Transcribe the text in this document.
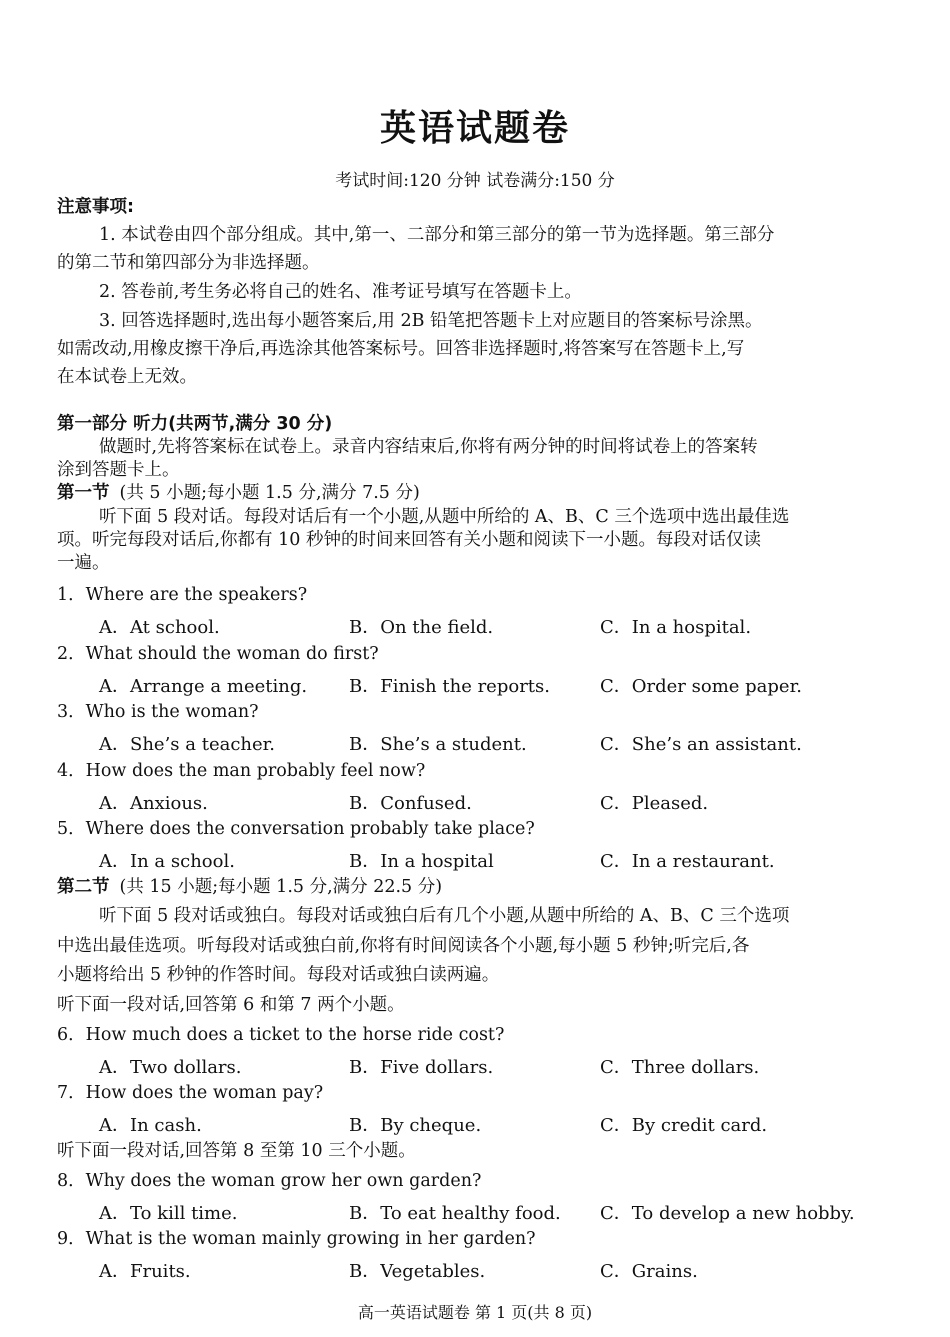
英语试题卷
考试时间:120 分钟 试卷满分:150 分
注意事项:
1. 本试卷由四个部分组成。其中,第一、二部分和第三部分的第一节为选择题。第三部分
的第二节和第四部分为非选择题。
2. 答卷前,考生务必将自己的姓名、准考证号填写在答题卡上。
3. 回答选择题时,选出每小题答案后,用 2B 铅笔把答题卡上对应题目的答案标号涂黑。
如需改动,用橡皮擦干净后,再选涂其他答案标号。回答非选择题时,将答案写在答题卡上,写
在本试卷上无效。
第一部分 听力(共两节,满分 30 分)
做题时,先将答案标在试卷上。录音内容结束后,你将有两分钟的时间将试卷上的答案转
涂到答题卡上。
第一节 (共 5 小题;每小题 1.5 分,满分 7.5 分)
听下面 5 段对话。每段对话后有一个小题,从题中所给的 A、B、C 三个选项中选出最佳选
项。听完每段对话后,你都有 10 秒钟的时间来回答有关小题和阅读下一小题。每段对话仅读
一遍。
1．Where are the speakers?
A．At school.	B．On the field.	C．In a hospital.
2．What should the woman do first?
A．Arrange a meeting. B．Finish the reports.	C．Order some paper.
3．Who is the woman?
A．She’s a teacher.	B．She’s a student.	C．She’s an assistant.
4．How does the man probably feel now?
A．Anxious.	B．Confused.	C．Pleased.
5．Where does the conversation probably take place?
A．In a school.	B．In a hospital	C．In a restaurant.
第二节 (共 15 小题;每小题 1.5 分,满分 22.5 分)
听下面 5 段对话或独白。每段对话或独白后有几个小题,从题中所给的 A、B、C 三个选项
中选出最佳选项。听每段对话或独白前,你将有时间阅读各个小题,每小题 5 秒钟;听完后,各
小题将给出 5 秒钟的作答时间。每段对话或独白读两遍。
听下面一段对话,回答第 6 和第 7 两个小题。
6．How much does a ticket to the horse ride cost?
A．Two dollars.	B．Five dollars.	C．Three dollars.
7．How does the woman pay?
A．In cash.	B．By cheque.	C．By credit card.
听下面一段对话,回答第 8 至第 10 三个小题。
8．Why does the woman grow her own garden?
A．To kill time.	B．To eat healthy food. C．To develop a new hobby.
9．What is the woman mainly growing in her garden?
A．Fruits.	B．Vegetables.	C．Grains.
高一英语试题卷 第 1 页(共 8 页)
